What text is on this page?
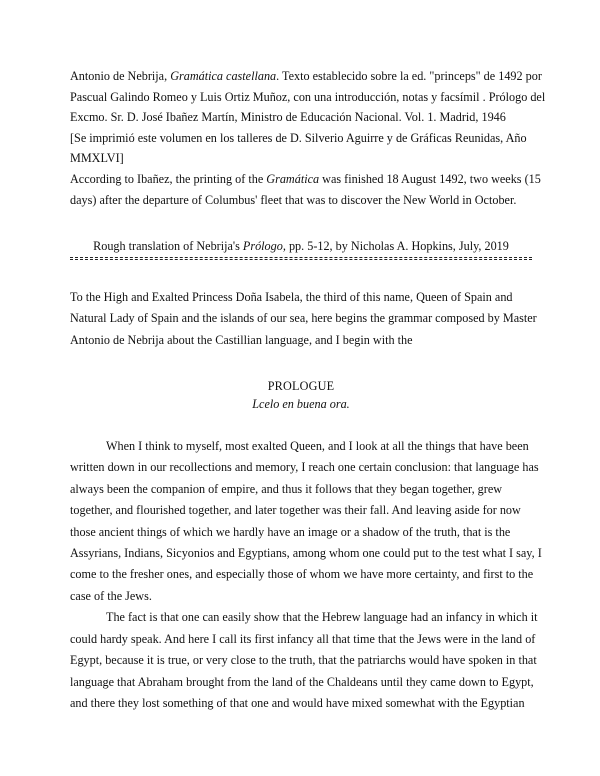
Antonio de Nebrija, Gramática castellana. Texto establecido sobre la ed. "princeps" de 1492 por

Pascual Galindo Romeo y Luis Ortiz Muñoz, con una introducción, notas y facsímil . Prólogo del

Excmo. Sr. D. José Ibañez Martín, Ministro de Educación Nacional. Vol. 1. Madrid, 1946

[Se imprimió este volumen en los talleres de D. Silverio Aguirre y de Gráficas Reunidas, Año

MMXLVI]

According to Ibañez, the printing of the Gramática was finished 18 August 1492, two weeks (15

days) after the departure of Columbus' fleet that was to discover the New World in October.

Rough translation of Nebrija's Prólogo, pp. 5-12, by Nicholas A. Hopkins, July, 2019

To the High and Exalted Princess Doña Isabela, the third of this name, Queen of Spain and

Natural Lady of Spain and the islands of our sea, here begins the grammar composed by Master

Antonio de Nebrija about the Castillian language, and I begin with the

PROLOGUE
Lcelo en buena ora.

When I think to myself, most exalted Queen, and I look at all the things that have been

written down in our recollections and memory, I reach one certain conclusion: that language has

always been the companion of empire, and thus it follows that they began together, grew

together, and flourished together, and later together was their fall. And leaving aside for now

those ancient things of which we hardly have an image or a shadow of the truth, that is the

Assyrians, Indians, Sicyonios and Egyptians, among whom one could put to the test what I say, I

come to the fresher ones, and especially those of whom we have more certainty, and first to the

case of the Jews.

The fact is that one can easily show that the Hebrew language had an infancy in which it

could hardy speak. And here I call its first infancy all that time that the Jews were in the land of

Egypt, because it is true, or very close to the truth, that the patriarchs would have spoken in that

language that Abraham brought from the land of the Chaldeans until they came down to Egypt,

and there they lost something of that one and would have mixed somewhat with the Egyptian
